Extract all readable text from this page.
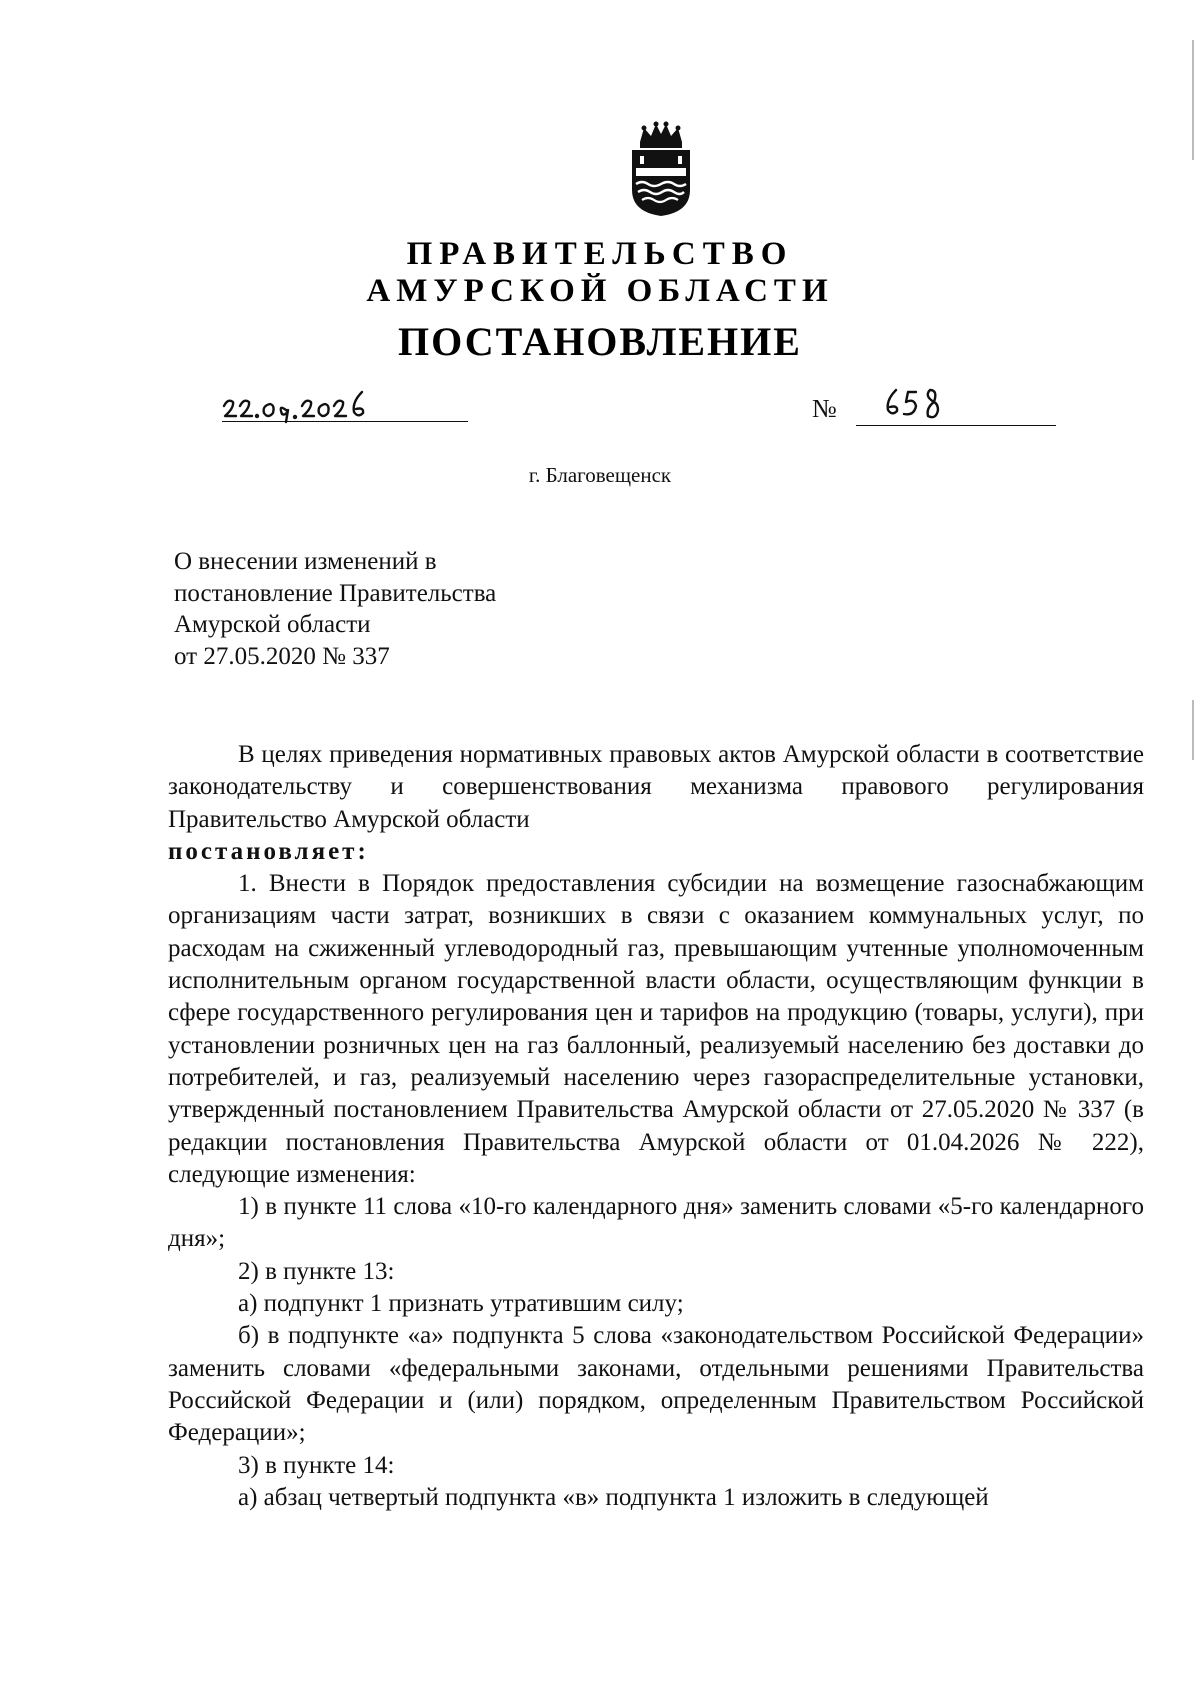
ПРАВИТЕЛЬСТВО
АМУРСКОЙ ОБЛАСТИ
ПОСТАНОВЛЕНИЕ
№
г. Благовещенск
О внесении изменений в
постановление Правительства
Амурской области
от 27.05.2020 № 337

В целях приведения нормативных правовых актов Амурской области в соответствие законодательству и совершенствования механизма правового регулирования Правительство Амурской области

постановляет:

1. Внести в Порядок предоставления субсидии на возмещение газоснабжающим организациям части затрат, возникших в связи с оказанием коммунальных услуг, по расходам на сжиженный углеводородный газ, превышающим учтенные уполномоченным исполнительным органом государственной власти области, осуществляющим функции в сфере государственного регулирования цен и тарифов на продукцию (товары, услуги), при установлении розничных цен на газ баллонный, реализуемый населению без доставки до потребителей, и газ, реализуемый населению через газораспределительные установки, утвержденный постановлением Правительства Амурской области от 27.05.2020 № 337 (в редакции постановления Правительства Амурской области от 01.04.2026 № 222), следующие изменения:

1) в пункте 11 слова «10-го календарного дня» заменить словами «5-го календарного дня»;

2) в пункте 13:

а) подпункт 1 признать утратившим силу;

б) в подпункте «а» подпункта 5 слова «законодательством Российской Федерации» заменить словами «федеральными законами, отдельными решениями Правительства Российской Федерации и (или) порядком, определенным Правительством Российской Федерации»;

3) в пункте 14:

а) абзац четвертый подпункта «в» подпункта 1 изложить в следующей
